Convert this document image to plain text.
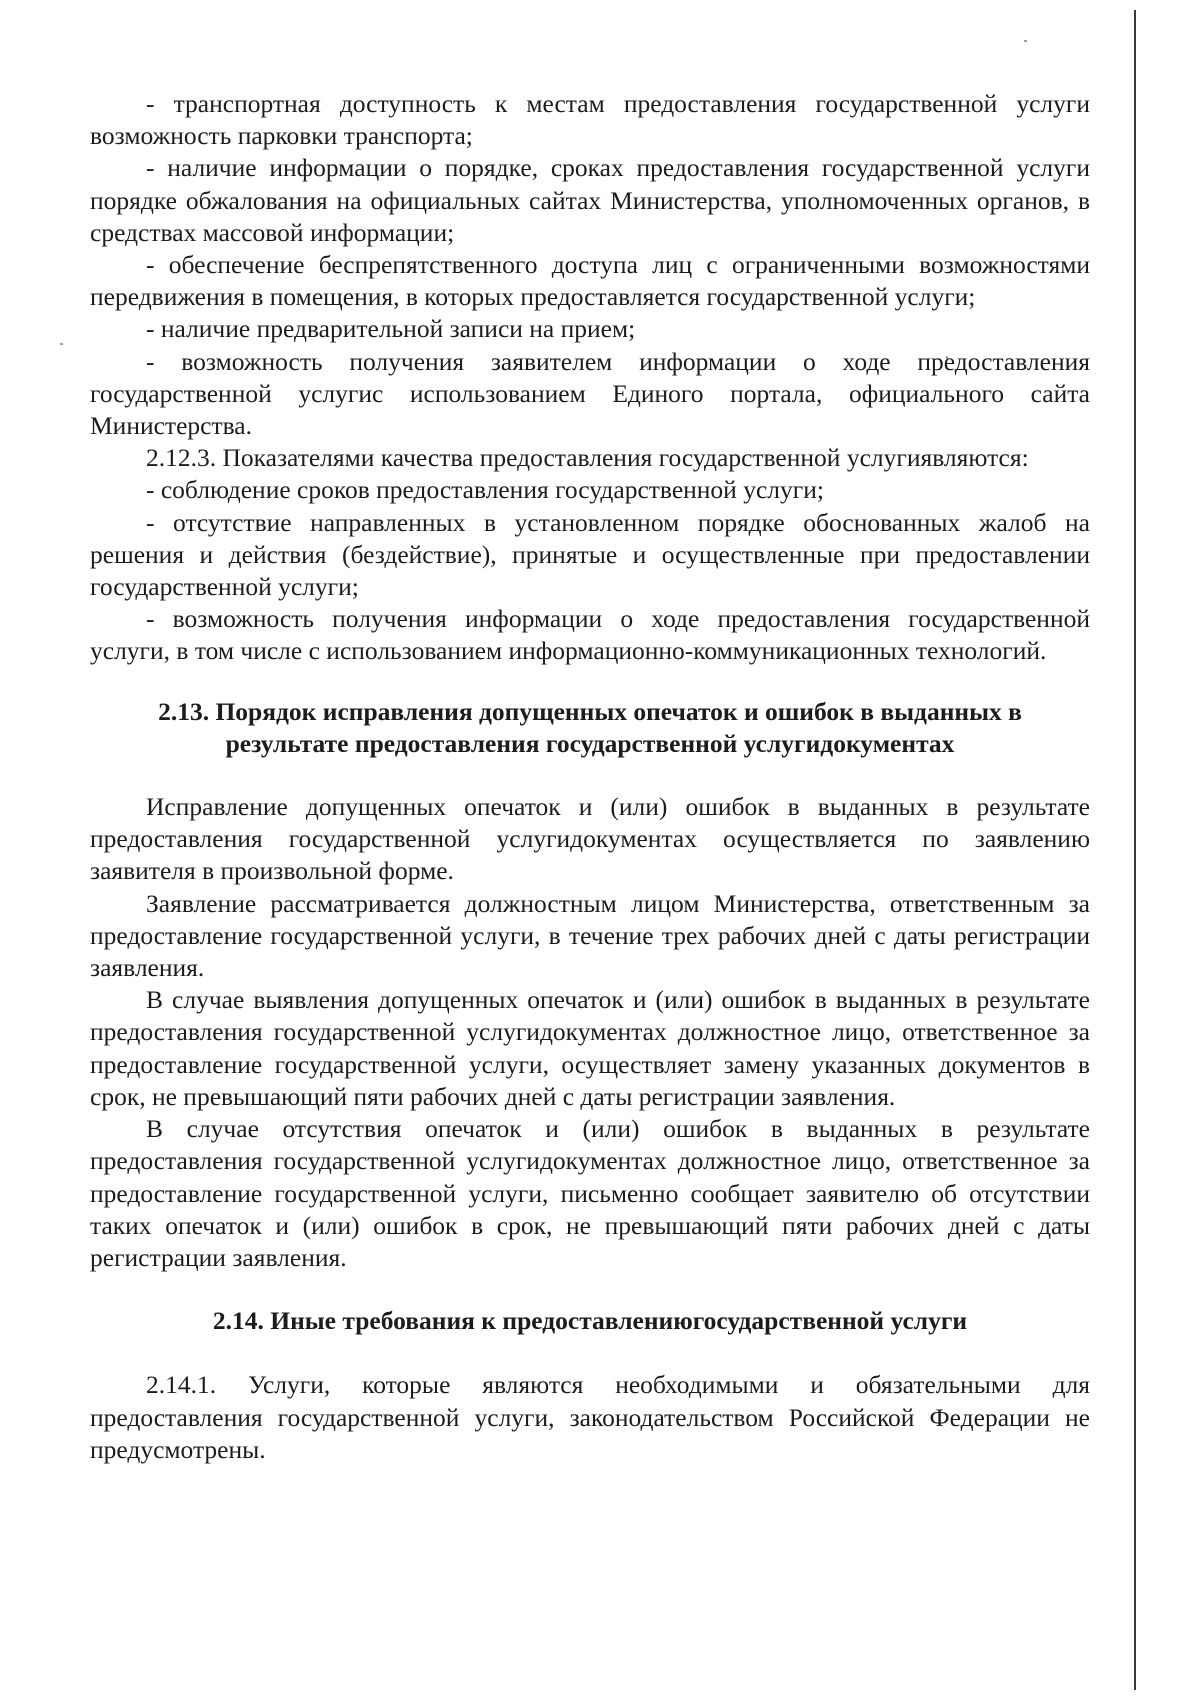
- транспортная доступность к местам предоставления государственной услуги возможность парковки транспорта;

- наличие информации о порядке, сроках предоставления государственной услуги порядке обжалования на официальных сайтах Министерства, уполномоченных органов, в средствах массовой информации;

- обеспечение беспрепятственного доступа лиц с ограниченными возможностями передвижения в помещения, в которых предоставляется государственной услуги;

- наличие предварительной записи на прием;

- возможность получения заявителем информации о ходе предоставления государственной услугис использованием Единого портала, официального сайта Министерства.

2.12.3. Показателями качества предоставления государственной услугиявляются:

- соблюдение сроков предоставления государственной услуги;

- отсутствие направленных в установленном порядке обоснованных жалоб на решения и действия (бездействие), принятые и осуществленные при предоставлении государственной услуги;

- возможность получения информации о ходе предоставления государственной услуги, в том числе с использованием информационно-коммуникационных технологий.

2.13. Порядок исправления допущенных опечаток и ошибок в выданных в результате предоставления государственной услугидокументах

Исправление допущенных опечаток и (или) ошибок в выданных в результате предоставления государственной услугидокументах осуществляется по заявлению заявителя в произвольной форме.

Заявление рассматривается должностным лицом Министерства, ответственным за предоставление государственной услуги, в течение трех рабочих дней с даты регистрации заявления.

В случае выявления допущенных опечаток и (или) ошибок в выданных в результате предоставления государственной услугидокументах должностное лицо, ответственное за предоставление государственной услуги, осуществляет замену указанных документов в срок, не превышающий пяти рабочих дней с даты регистрации заявления.

В случае отсутствия опечаток и (или) ошибок в выданных в результате предоставления государственной услугидокументах должностное лицо, ответственное за предоставление государственной услуги, письменно сообщает заявителю об отсутствии таких опечаток и (или) ошибок в срок, не превышающий пяти рабочих дней с даты регистрации заявления.

2.14. Иные требования к предоставлениюгосударственной услуги

2.14.1. Услуги, которые являются необходимыми и обязательными для предоставления государственной услуги, законодательством Российской Федерации не предусмотрены.
